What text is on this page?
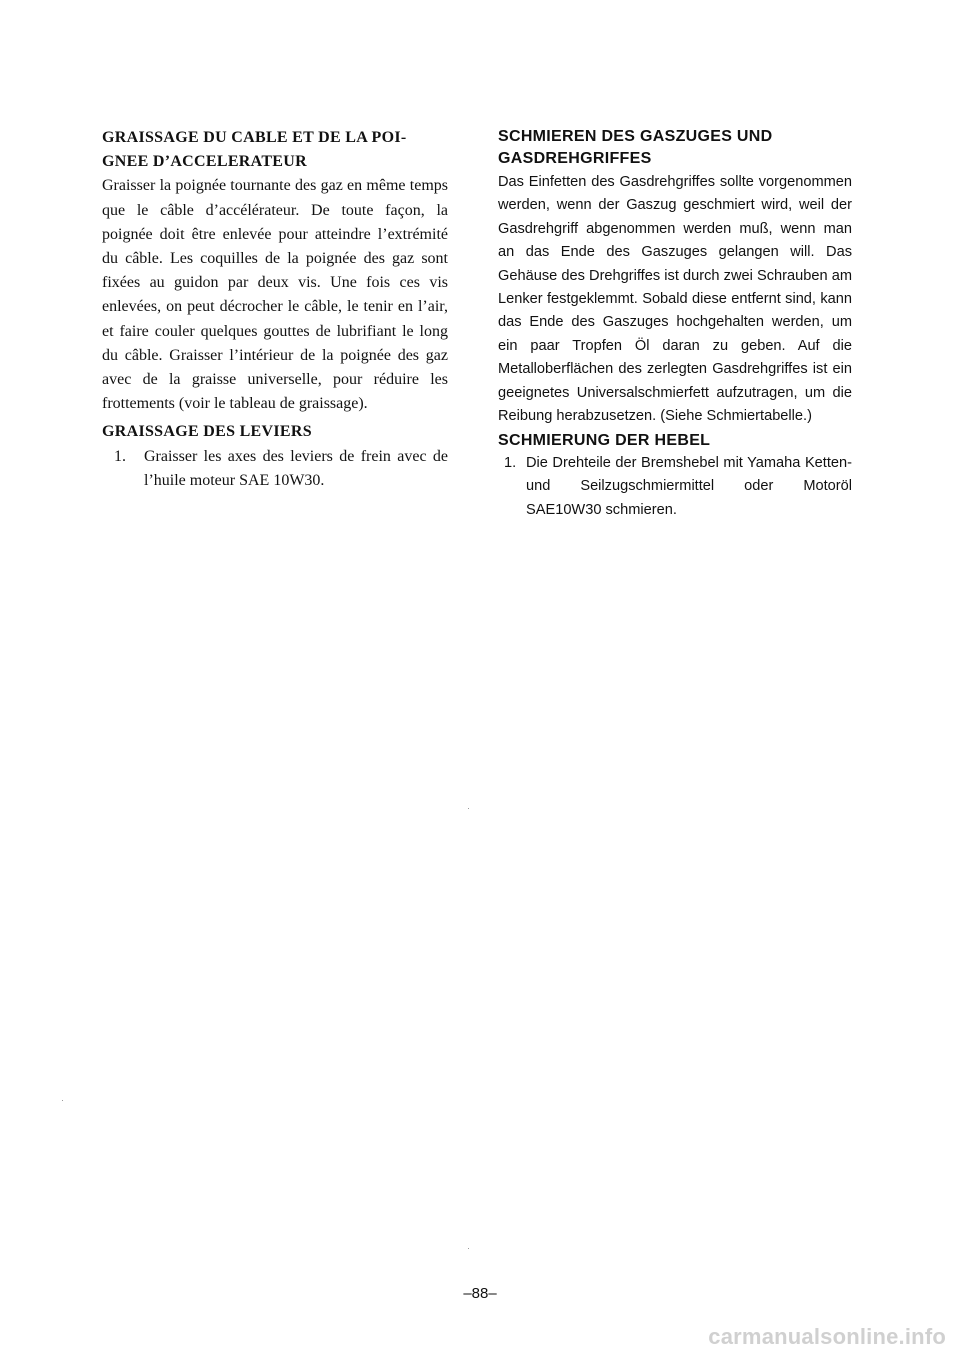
GRAISSAGE DU CABLE ET DE LA POI-GNEE D’ACCELERATEUR

Graisser la poignée tournante des gaz en même temps que le câble d’accélérateur. De toute façon, la poignée doit être enlevée pour atteindre l’extrémité du câble. Les coquilles de la poignée des gaz sont fixées au guidon par deux vis. Une fois ces vis enlevées, on peut décrocher le câble, le tenir en l’air, et faire couler quelques gouttes de lubrifiant le long du câble. Graisser l’intérieur de la poignée des gaz avec de la graisse universelle, pour réduire les frottements (voir le tableau de graissage).

GRAISSAGE DES LEVIERS

1.	Graisser les axes des leviers de frein avec de l’huile moteur SAE 10W30.

SCHMIEREN DES GASZUGES UND GASDREHGRIFFES

Das Einfetten des Gasdrehgriffes sollte vorgenommen werden, wenn der Gaszug geschmiert wird, weil der Gasdrehgriff abgenommen werden muß, wenn man an das Ende des Gaszuges gelangen will. Das Gehäuse des Drehgriffes ist durch zwei Schrauben am Lenker festgeklemmt. Sobald diese entfernt sind, kann das Ende des Gaszuges hochgehalten werden, um ein paar Tropfen Öl daran zu geben. Auf die Metalloberflächen des zerlegten Gasdrehgriffes ist ein geeignetes Universalschmierfett aufzutragen, um die Reibung herabzusetzen. (Siehe Schmiertabelle.)

SCHMIERUNG DER HEBEL

1. Die Drehteile der Bremshebel mit Yamaha Ketten- und Seilzugschmiermittel oder Motoröl SAE10W30 schmieren.
–88–
carmanualsonline.info
